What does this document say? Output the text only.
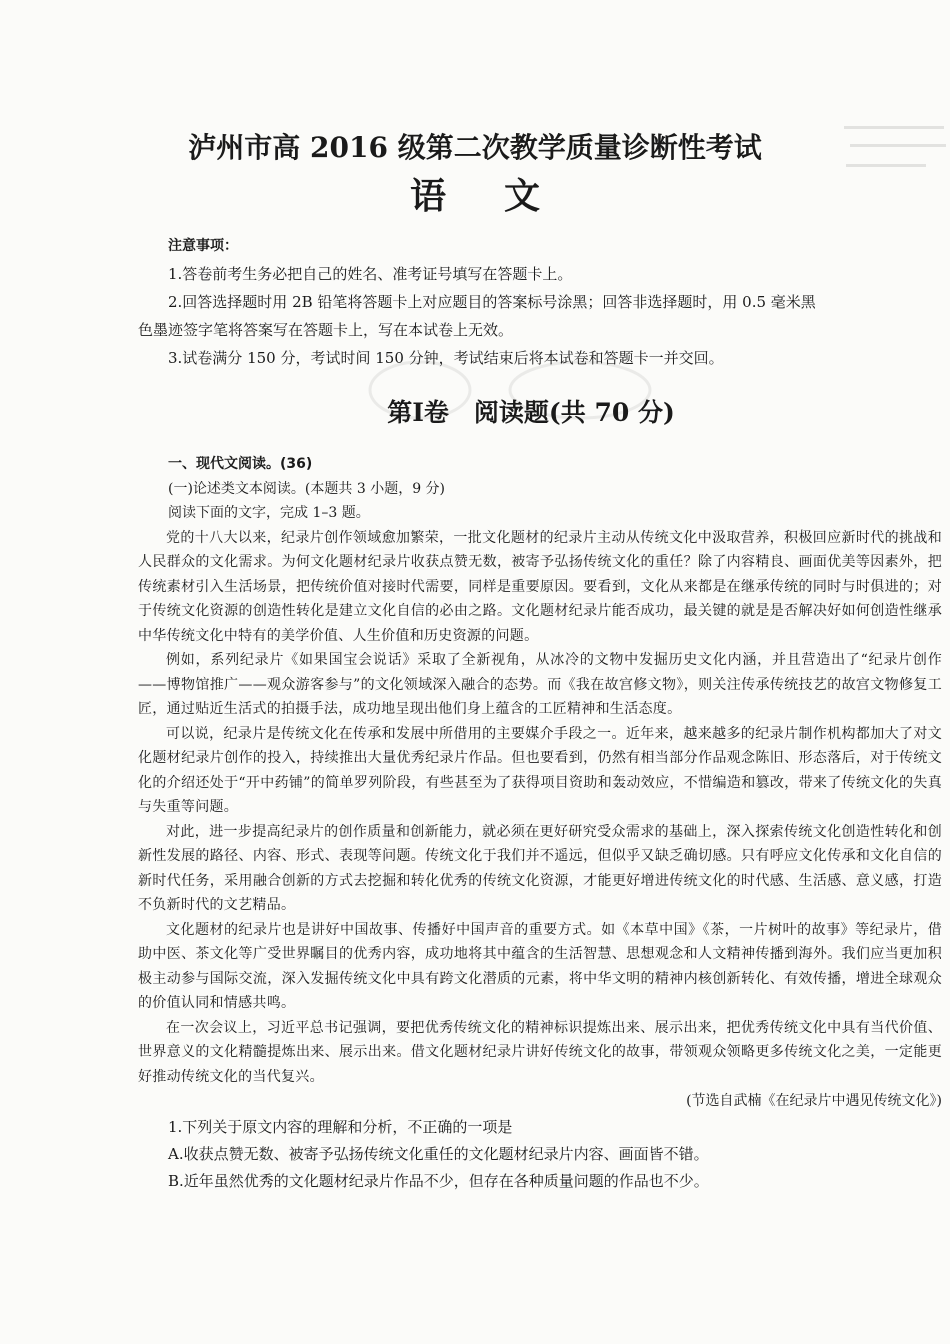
泸州市高 2016 级第二次教学质量诊断性考试
语文

注意事项：

1.答卷前考生务必把自己的姓名、准考证号填写在答题卡上。

2.回答选择题时用 2B 铅笔将答题卡上对应题目的答案标号涂黑；回答非选择题时，用 0.5 毫米黑

色墨迹签字笔将答案写在答题卡上，写在本试卷上无效。

3.试卷满分 150 分，考试时间 150 分钟，考试结束后将本试卷和答题卡一并交回。

第Ⅰ卷　阅读题(共 70 分)

一、现代文阅读。(36)

(一)论述类文本阅读。(本题共 3 小题，9 分)

阅读下面的文字，完成 1–3 题。

党的十八大以来，纪录片创作领域愈加繁荣，一批文化题材的纪录片主动从传统文化中汲取营养，积极回应新时代的挑战和人民群众的文化需求。为何文化题材纪录片收获点赞无数，被寄予弘扬传统文化的重任？除了内容精良、画面优美等因素外，把传统素材引入生活场景，把传统价值对接时代需要，同样是重要原因。要看到，文化从来都是在继承传统的同时与时俱进的；对于传统文化资源的创造性转化是建立文化自信的必由之路。文化题材纪录片能否成功，最关键的就是是否解决好如何创造性继承中华传统文化中特有的美学价值、人生价值和历史资源的问题。

例如，系列纪录片《如果国宝会说话》采取了全新视角，从冰冷的文物中发掘历史文化内涵，并且营造出了“纪录片创作——博物馆推广——观众游客参与”的文化领域深入融合的态势。而《我在故宫修文物》，则关注传承传统技艺的故宫文物修复工匠，通过贴近生活式的拍摄手法，成功地呈现出他们身上蕴含的工匠精神和生活态度。

可以说，纪录片是传统文化在传承和发展中所借用的主要媒介手段之一。近年来，越来越多的纪录片制作机构都加大了对文化题材纪录片创作的投入，持续推出大量优秀纪录片作品。但也要看到，仍然有相当部分作品观念陈旧、形态落后，对于传统文化的介绍还处于“开中药铺”的简单罗列阶段，有些甚至为了获得项目资助和轰动效应，不惜编造和篡改，带来了传统文化的失真与失重等问题。

对此，进一步提高纪录片的创作质量和创新能力，就必须在更好研究受众需求的基础上，深入探索传统文化创造性转化和创新性发展的路径、内容、形式、表现等问题。传统文化于我们并不遥远，但似乎又缺乏确切感。只有呼应文化传承和文化自信的新时代任务，采用融合创新的方式去挖掘和转化优秀的传统文化资源，才能更好增进传统文化的时代感、生活感、意义感，打造不负新时代的文艺精品。

文化题材的纪录片也是讲好中国故事、传播好中国声音的重要方式。如《本草中国》《茶，一片树叶的故事》等纪录片，借助中医、茶文化等广受世界瞩目的优秀内容，成功地将其中蕴含的生活智慧、思想观念和人文精神传播到海外。我们应当更加积极主动参与国际交流，深入发掘传统文化中具有跨文化潜质的元素，将中华文明的精神内核创新转化、有效传播，增进全球观众的价值认同和情感共鸣。

在一次会议上，习近平总书记强调，要把优秀传统文化的精神标识提炼出来、展示出来，把优秀传统文化中具有当代价值、世界意义的文化精髓提炼出来、展示出来。借文化题材纪录片讲好传统文化的故事，带领观众领略更多传统文化之美，一定能更好推动传统文化的当代复兴。

(节选自武楠《在纪录片中遇见传统文化》)

1.下列关于原文内容的理解和分析，不正确的一项是

A.收获点赞无数、被寄予弘扬传统文化重任的文化题材纪录片内容、画面皆不错。

B.近年虽然优秀的文化题材纪录片作品不少，但存在各种质量问题的作品也不少。
